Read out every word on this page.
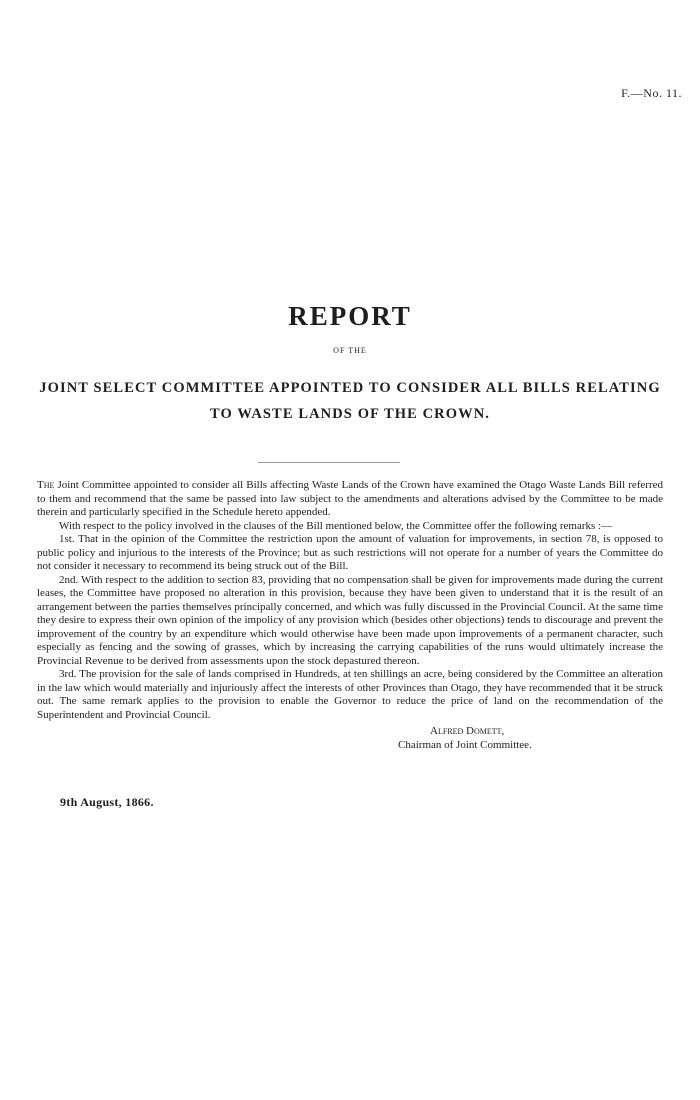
F.—No. 11.
REPORT
OF THE
JOINT SELECT COMMITTEE APPOINTED TO CONSIDER ALL BILLS RELATING
TO WASTE LANDS OF THE CROWN.

The Joint Committee appointed to consider all Bills affecting Waste Lands of the Crown have examined the Otago Waste Lands Bill referred to them and recommend that the same be passed into law subject to the amendments and alterations advised by the Committee to be made therein and particularly specified in the Schedule hereto appended.

With respect to the policy involved in the clauses of the Bill mentioned below, the Committee offer the following remarks :—

1st. That in the opinion of the Committee the restriction upon the amount of valuation for improvements, in section 78, is opposed to public policy and injurious to the interests of the Province; but as such restrictions will not operate for a number of years the Committee do not consider it necessary to recommend its being struck out of the Bill.

2nd. With respect to the addition to section 83, providing that no compensation shall be given for improvements made during the current leases, the Committee have proposed no alteration in this provision, because they have been given to understand that it is the result of an arrangement between the parties themselves principally concerned, and which was fully discussed in the Provincial Council. At the same time they desire to express their own opinion of the impolicy of any provision which (besides other objections) tends to discourage and prevent the improvement of the country by an expenditure which would otherwise have been made upon improvements of a permanent character, such especially as fencing and the sowing of grasses, which by increasing the carrying capabilities of the runs would ultimately increase the Provincial Revenue to be derived from assessments upon the stock depastured thereon.

3rd. The provision for the sale of lands comprised in Hundreds, at ten shillings an acre, being considered by the Committee an alteration in the law which would materially and injuriously affect the interests of other Provinces than Otago, they have recommended that it be struck out. The same remark applies to the provision to enable the Governor to reduce the price of land on the recommendation of the Superintendent and Provincial Council.

Alfred Domett,
Chairman of Joint Committee.
9th August, 1866.
